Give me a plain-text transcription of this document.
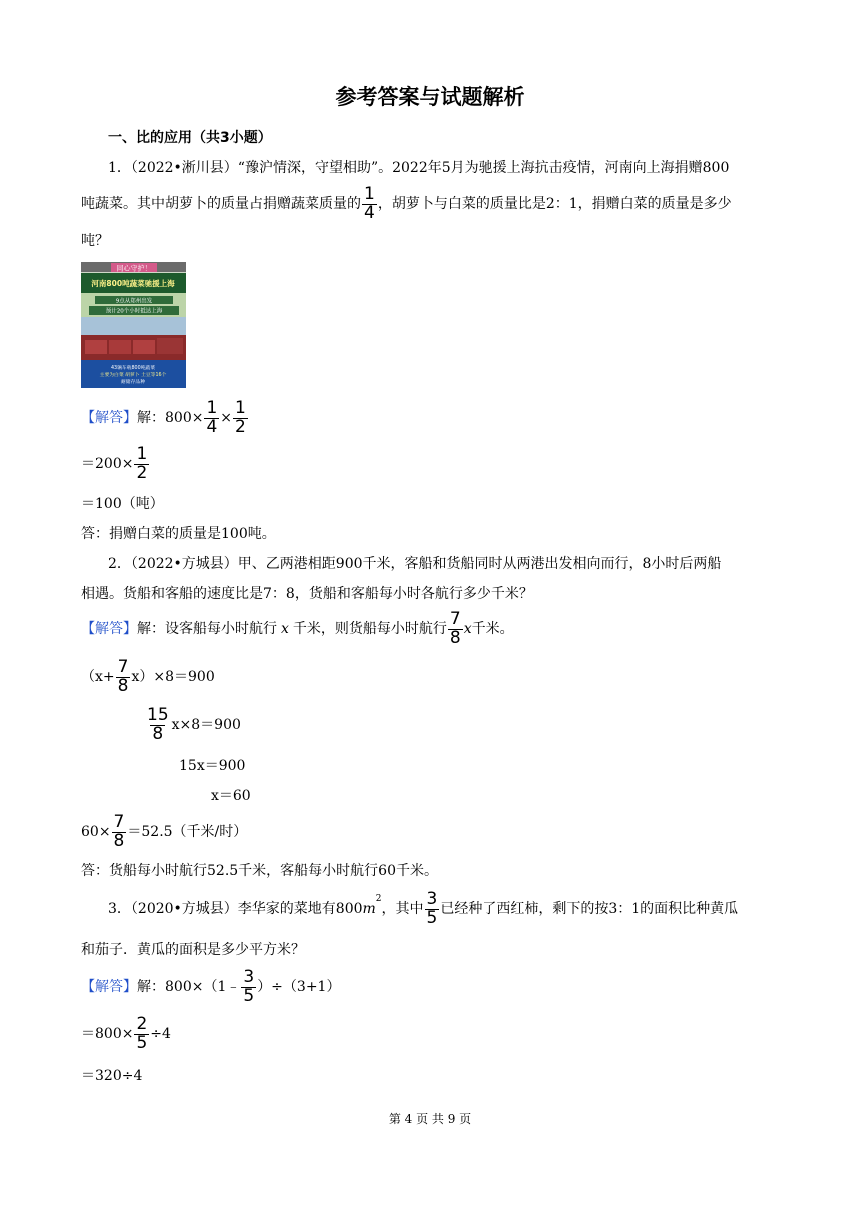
参考答案与试题解析
一、比的应用（共3小题）
1．（2022•淅川县）“豫沪情深，守望相助”。2022年5月为驰援上海抗击疫情，河南向上海捐赠800
吨蔬菜。其中胡萝卜的质量占捐赠蔬菜质量的 $\frac{1}{4}$ ，胡萝卜与白菜的质量比是2：1，捐赠白菜的质量是多少
吨？
同心守护！
河南800吨蔬菜驰援上海
9点从郑州出发
预计20个小时抵达上海
43辆车载800吨蔬菜
主要为白菜 胡萝卜 土豆等16个
耐储存品种
【解答】 解：$800\times \frac{1}{4} \times \frac{1}{2}$
$=200\times \frac{1}{2}$
＝100（吨）
答：捐赠白菜的质量是100吨。
2．（2022•方城县）甲、乙两港相距900千米，客船和货船同时从两港出发相向而行，8小时后两船
相遇。货船和客船的速度比是7：8，货船和客船每小时各航行多少千米？
【解答】 解：设客船每小时航行 x 千米，则货船每小时航行 $\frac{7}{8}$ x 千米。
$(x+ \frac{7}{8} x)\times 8=900$
$\frac{15}{8} x\times 8=900$
15x＝900
x＝60
$60\times \frac{7}{8} =52.5$（千米/时）
答：货船每小时航行52.5千米，客船每小时航行60千米。
3．（2020•方城县）李华家的菜地有800 m
$^2$
，其中 $\frac{3}{5}$ 已经种了西红柿，剩下的按3：1的面积比种黄瓜
和茄子．黄瓜的面积是多少平方米？
【解答】 解：800×（1﹣ $\frac{3}{5} )\div(3+1)$
$=800\times \frac{2}{5} \div 4$
＝320÷4
第 4 页 共 9 页
